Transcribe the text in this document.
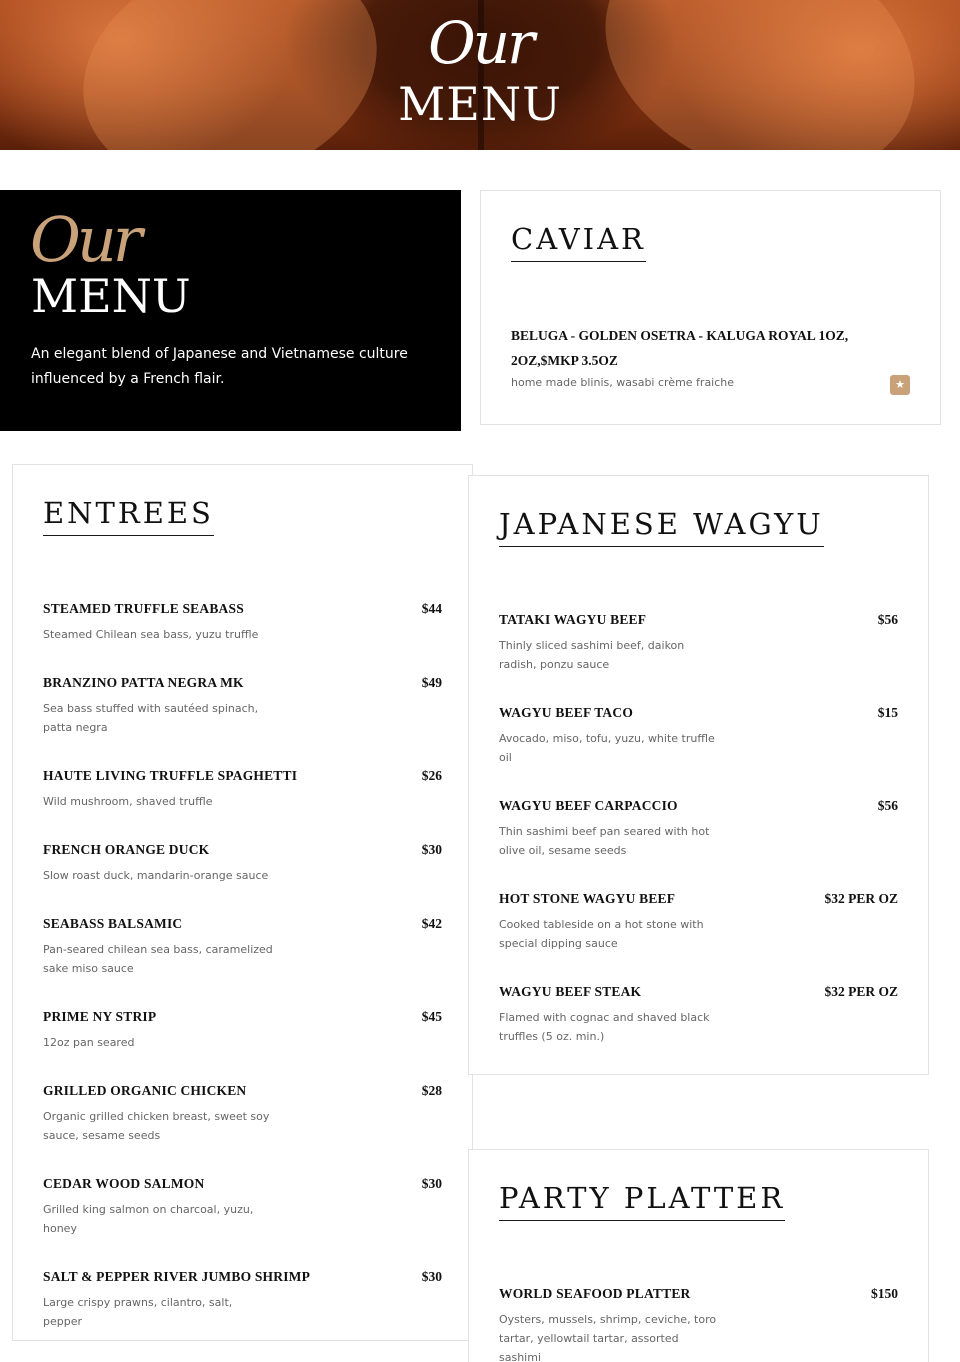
Our
MENU
Our
MENU
An elegant blend of Japanese and Vietnamese culture influenced by a French flair.
CAVIAR
BELUGA - GOLDEN OSETRA - KALUGA ROYAL 1OZ, 2OZ,$MKP 3.5OZ
home made blinis, wasabi crème fraiche	★
ENTREES
STEAMED TRUFFLE SEABASS	$44
Steamed Chilean sea bass, yuzu truffle
BRANZINO PATTA NEGRA MK	$49
Sea bass stuffed with sautéed spinach, patta negra
HAUTE LIVING TRUFFLE SPAGHETTI	$26
Wild mushroom, shaved truffle
FRENCH ORANGE DUCK	$30
Slow roast duck, mandarin-orange sauce
SEABASS BALSAMIC	$42
Pan-seared chilean sea bass, caramelized sake miso sauce
PRIME NY STRIP	$45
12oz pan seared
GRILLED ORGANIC CHICKEN	$28
Organic grilled chicken breast, sweet soy sauce, sesame seeds
CEDAR WOOD SALMON	$30
Grilled king salmon on charcoal, yuzu, honey
SALT & PEPPER RIVER JUMBO SHRIMP	$30
Large crispy prawns, cilantro, salt, pepper
JAPANESE WAGYU
TATAKI WAGYU BEEF	$56
Thinly sliced sashimi beef, daikon radish, ponzu sauce
WAGYU BEEF TACO	$15
Avocado, miso, tofu, yuzu, white truffle oil
WAGYU BEEF CARPACCIO	$56
Thin sashimi beef pan seared with hot olive oil, sesame seeds
HOT STONE WAGYU BEEF	$32 PER OZ
Cooked tableside on a hot stone with special dipping sauce
WAGYU BEEF STEAK	$32 PER OZ
Flamed with cognac and shaved black truffles (5 oz. min.)
PARTY PLATTER
WORLD SEAFOOD PLATTER	$150
Oysters, mussels, shrimp, ceviche, toro tartar, yellowtail tartar, assorted sashimi
